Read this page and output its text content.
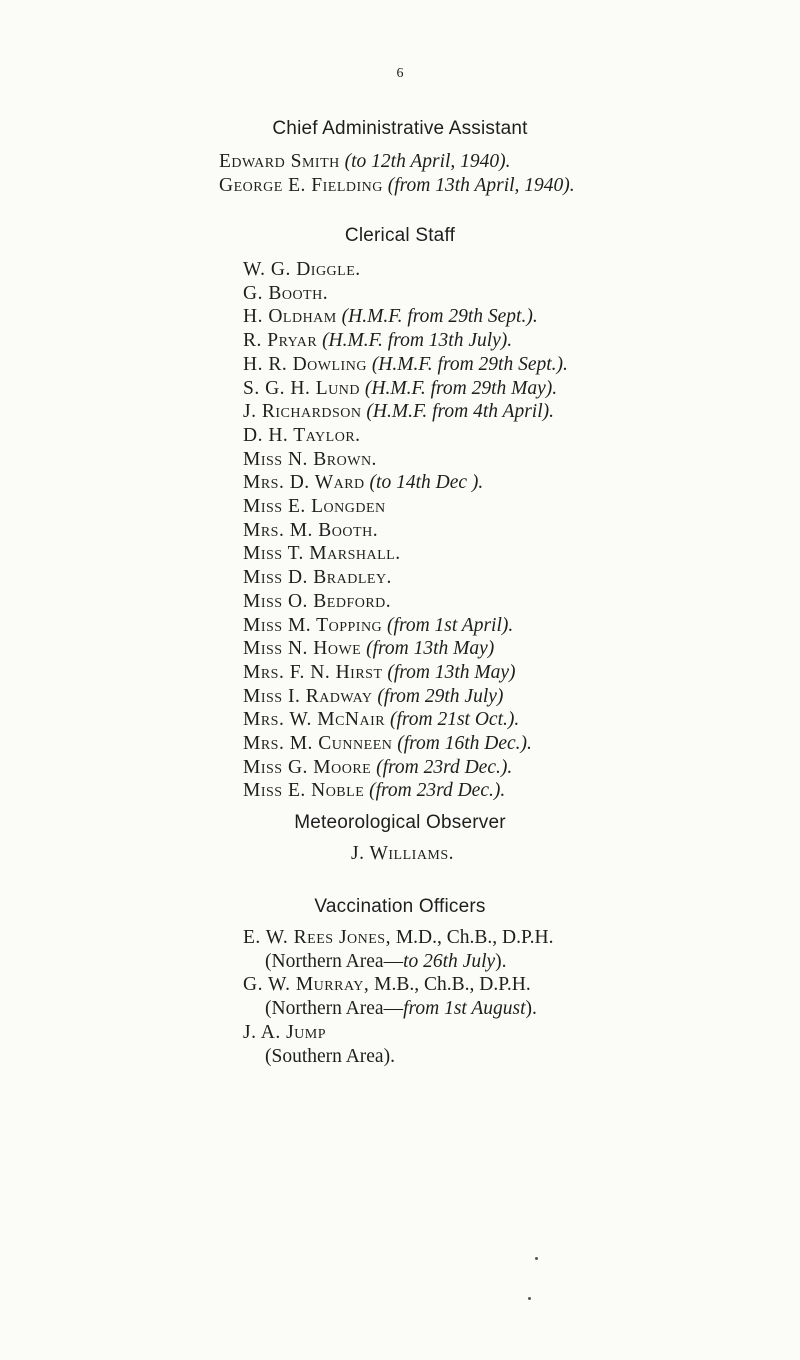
6
Chief Administrative Assistant
Edward Smith (to 12th April, 1940).
George E. Fielding (from 13th April, 1940).
Clerical Staff
W. G. Diggle.
G. Booth.
H. Oldham (H.M.F. from 29th Sept.).
R. Pryar (H.M.F. from 13th July).
H. R. Dowling (H.M.F. from 29th Sept.).
S. G. H. Lund (H.M.F. from 29th May).
J. Richardson (H.M.F. from 4th April).
D. H. Taylor.
Miss N. Brown.
Mrs. D. Ward (to 14th Dec ).
Miss E. Longden
Mrs. M. Booth.
Miss T. Marshall.
Miss D. Bradley.
Miss O. Bedford.
Miss M. Topping (from 1st April).
Miss N. Howe (from 13th May)
Mrs. F. N. Hirst (from 13th May)
Miss I. Radway (from 29th July)
Mrs. W. McNair (from 21st Oct.).
Mrs. M. Cunneen (from 16th Dec.).
Miss G. Moore (from 23rd Dec.).
Miss E. Noble (from 23rd Dec.).
Meteorological Observer
J. Williams.
Vaccination Officers
E. W. Rees Jones, M.D., Ch.B., D.P.H.
(Northern Area—to 26th July).
G. W. Murray, M.B., Ch.B., D.P.H.
(Northern Area—from 1st August).
J. A. Jump
(Southern Area).
